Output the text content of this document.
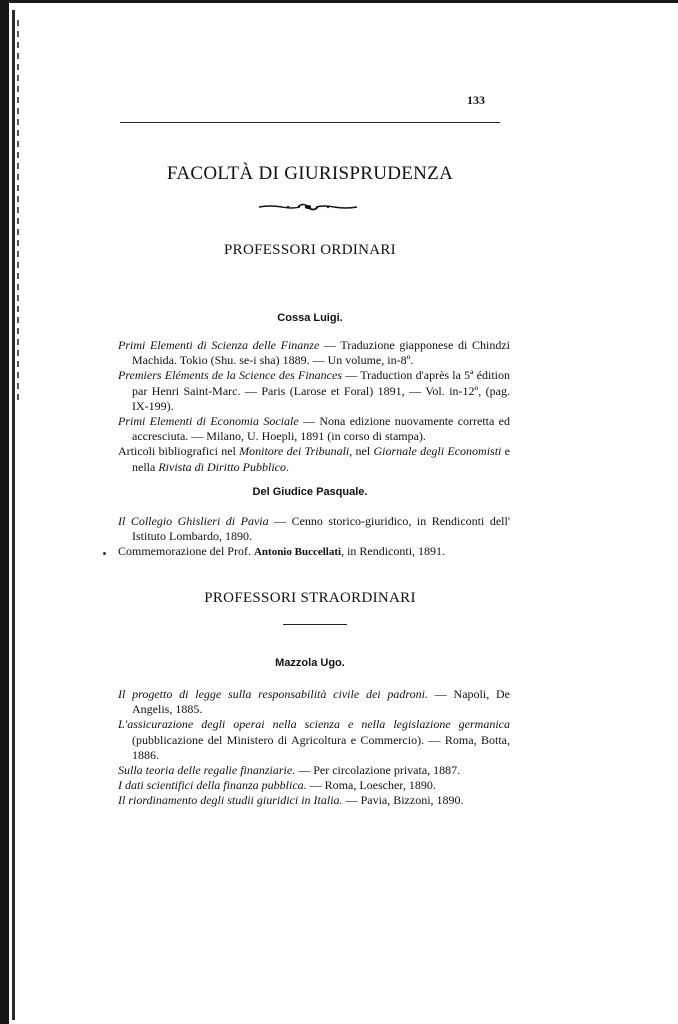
133
FACOLTÀ DI GIURISPRUDENZA
PROFESSORI ORDINARI
Cossa Luigi.

Primi Elementi di Scienza delle Finanze — Traduzione giapponese di Chindzi Machida. Tokio (Shu. se-i sha) 1889. — Un volume, in-8º.

Premiers Eléments de la Science des Finances — Traduction d'après la 5ª édition par Henri Saint-Marc. — Paris (Larose et Foral) 1891, — Vol. in-12º, (pag. IX-199).

Primi Elementi di Economia Sociale — Nona edizione nuovamente corretta ed accresciuta. — Milano, U. Hoepli, 1891 (in corso di stampa).

Articoli bibliografici nel Monitore dei Tribunali, nel Giornale degli Economisti e nella Rivista di Diritto Pubblico.

Del Giudice Pasquale.

Il Collegio Ghislieri di Pavia — Cenno storico-giuridico, in Rendiconti dell' Istituto Lombardo, 1890.

Commemorazione del Prof. Antonio Buccellati, in Rendiconti, 1891.

PROFESSORI STRAORDINARI
Mazzola Ugo.

Il progetto di legge sulla responsabilità civile dei padroni. — Napoli, De Angelis, 1885.

L'assicurazione degli operai nella scienza e nella legislazione germanica (pubblicazione del Ministero di Agricoltura e Commercio). — Roma, Botta, 1886.

Sulla teoria delle regalie finanziarie. — Per circolazione privata, 1887.

I dati scientifici della finanza pubblica. — Roma, Loescher, 1890.

Il riordinamento degli studii giuridici in Italia. — Pavia, Bizzoni, 1890.
